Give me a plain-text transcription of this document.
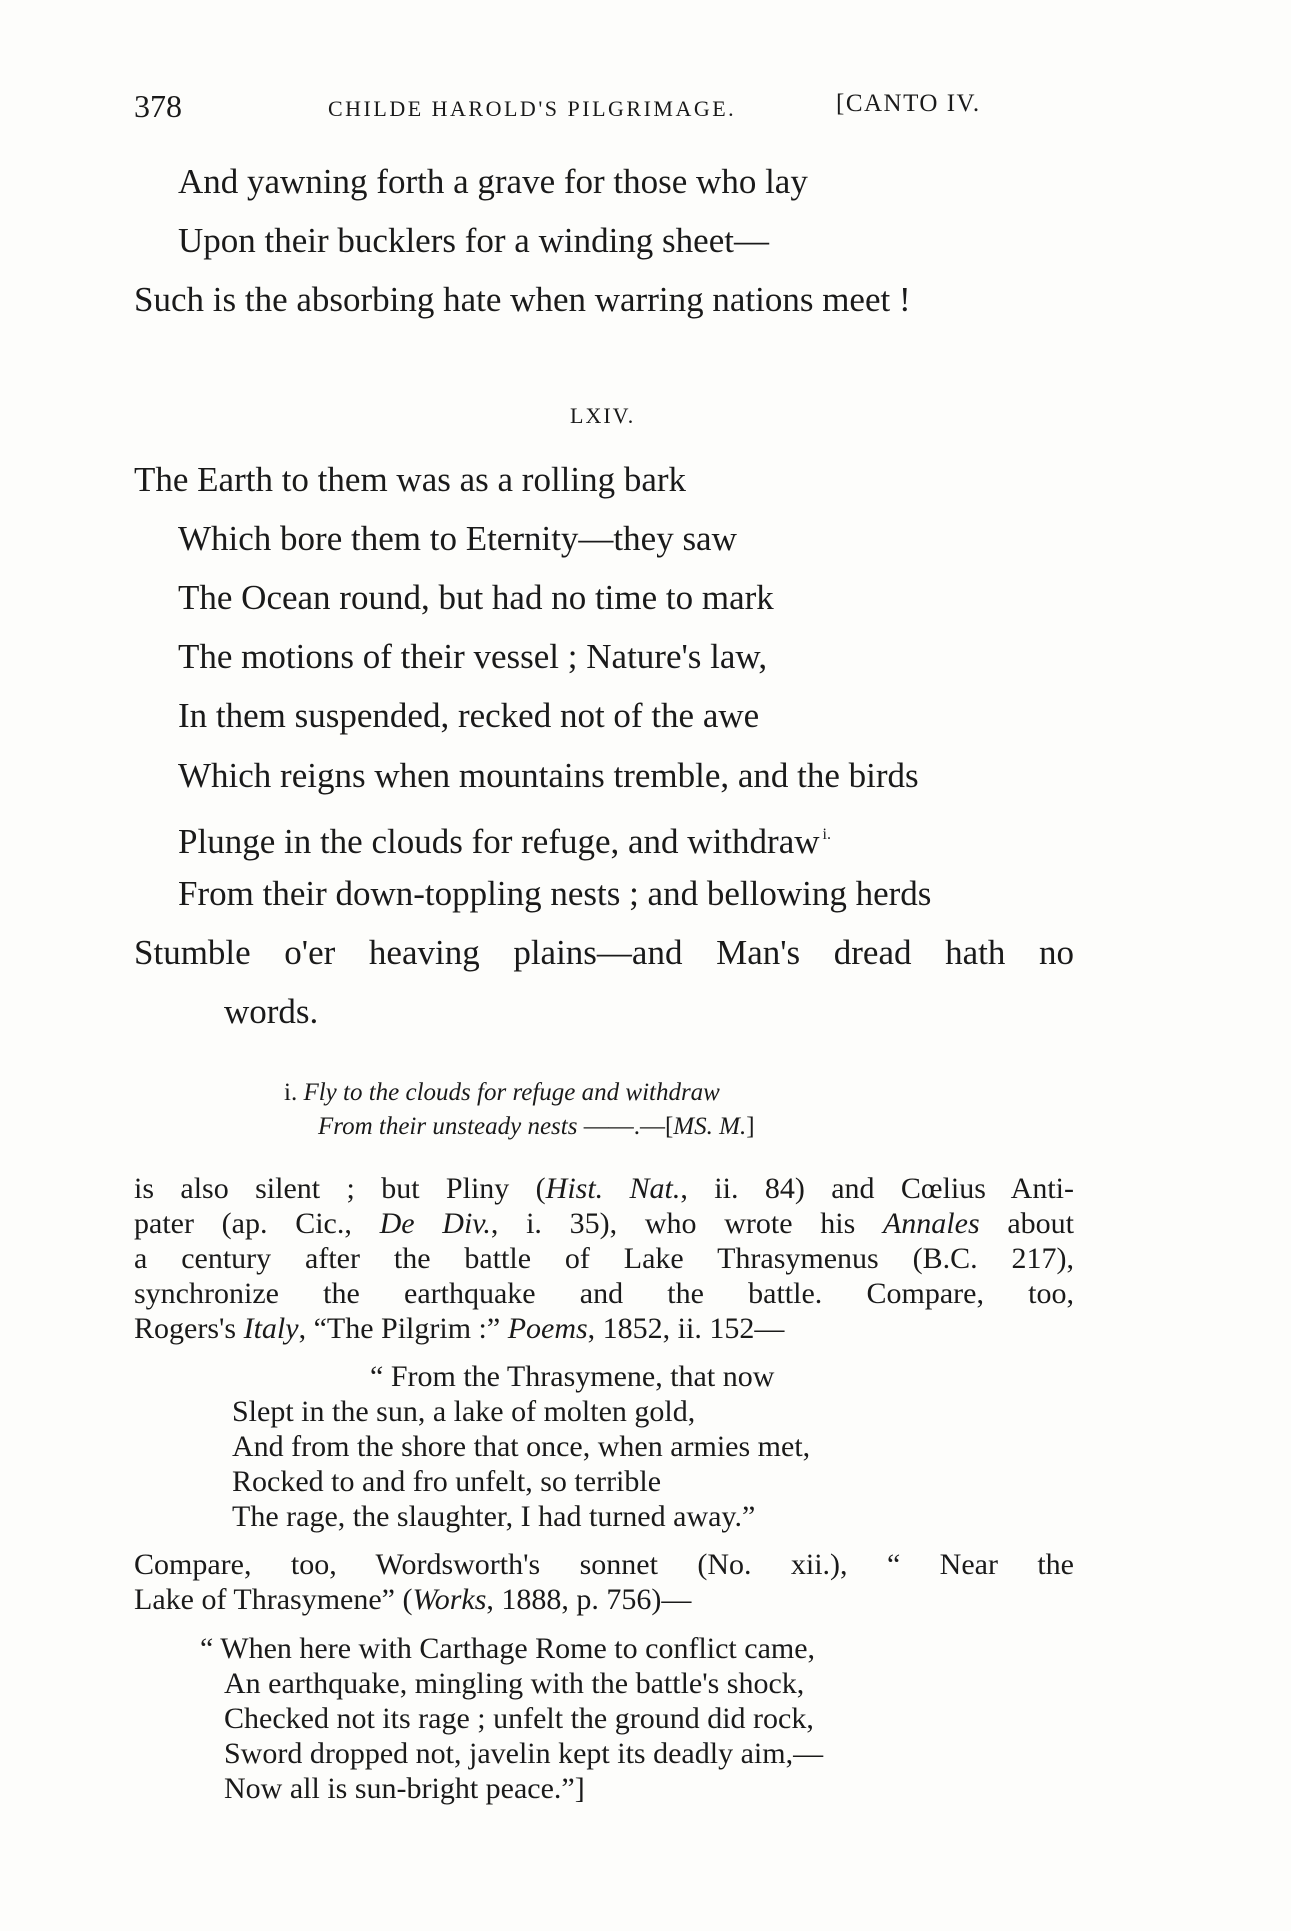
378	CHILDE HAROLD'S PILGRIMAGE.	[CANTO IV.
And yawning forth a grave for those who lay
Upon their bucklers for a winding sheet—
Such is the absorbing hate when warring nations meet !
LXIV.
The Earth to them was as a rolling bark
Which bore them to Eternity—they saw
The Ocean round, but had no time to mark
The motions of their vessel ; Nature's law,
In them suspended, recked not of the awe
Which reigns when mountains tremble, and the birds
Plunge in the clouds for refuge, and withdraw $^{i.}$
From their down-toppling nests ; and bellowing herds
Stumble o'er heaving plains—and Man's dread hath no
words.
i. Fly to the clouds for refuge and withdraw
From their unsteady nests ——.—[MS. M.]
is also silent ; but Pliny (Hist. Nat., ii. 84) and Cœlius Anti-
pater (ap. Cic., De Div., i. 35), who wrote his Annales about
a century after the battle of Lake Thrasymenus (B.C. 217),
synchronize the earthquake and the battle. Compare, too,
Rogers's Italy, “The Pilgrim :” Poems, 1852, ii. 152—
“ From the Thrasymene, that now
Slept in the sun, a lake of molten gold,
And from the shore that once, when armies met,
Rocked to and fro unfelt, so terrible
The rage, the slaughter, I had turned away.”
Compare, too, Wordsworth's sonnet (No. xii.), “ Near the
Lake of Thrasymene” (Works, 1888, p. 756)—
“ When here with Carthage Rome to conflict came,
An earthquake, mingling with the battle's shock,
Checked not its rage ; unfelt the ground did rock,
Sword dropped not, javelin kept its deadly aim,—
Now all is sun-bright peace.”]
